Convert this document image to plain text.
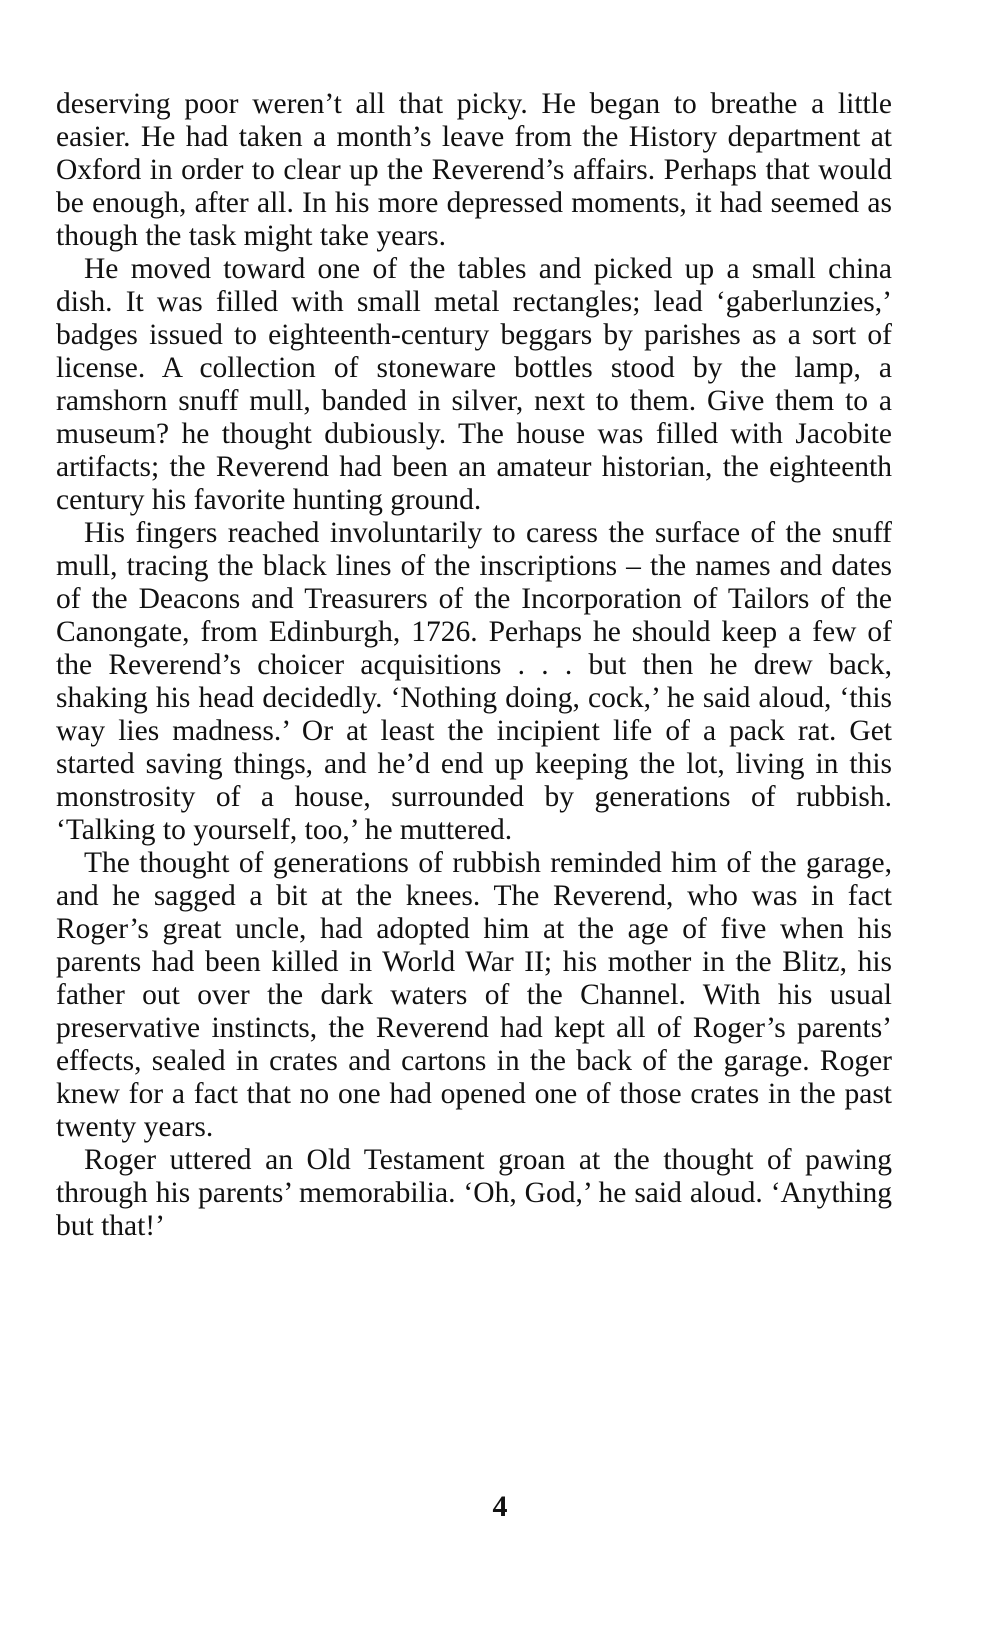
deserving poor weren’t all that picky. He began to breathe a little easier. He had taken a month’s leave from the History department at Oxford in order to clear up the Reverend’s affairs. Perhaps that would be enough, after all. In his more depressed moments, it had seemed as though the task might take years.

He moved toward one of the tables and picked up a small china dish. It was filled with small metal rectangles; lead ‘gaberlunzies,’ badges issued to eighteenth-century beggars by parishes as a sort of license. A collection of stoneware bottles stood by the lamp, a ramshorn snuff mull, banded in silver, next to them. Give them to a museum? he thought dubiously. The house was filled with Jacobite artifacts; the Reverend had been an amateur historian, the eighteenth century his favorite hunting ground.

His fingers reached involuntarily to caress the surface of the snuff mull, tracing the black lines of the inscriptions – the names and dates of the Deacons and Treasurers of the Incorporation of Tailors of the Canongate, from Edinburgh, 1726. Perhaps he should keep a few of the Reverend’s choicer acquisitions . . . but then he drew back, shaking his head decidedly. ‘Nothing doing, cock,’ he said aloud, ‘this way lies madness.’ Or at least the incipient life of a pack rat. Get started saving things, and he’d end up keeping the lot, living in this monstrosity of a house, surrounded by generations of rubbish. ‘Talking to yourself, too,’ he muttered.

The thought of generations of rubbish reminded him of the garage, and he sagged a bit at the knees. The Reverend, who was in fact Roger’s great uncle, had adopted him at the age of five when his parents had been killed in World War II; his mother in the Blitz, his father out over the dark waters of the Channel. With his usual preservative instincts, the Reverend had kept all of Roger’s parents’ effects, sealed in crates and cartons in the back of the garage. Roger knew for a fact that no one had opened one of those crates in the past twenty years.

Roger uttered an Old Testament groan at the thought of pawing through his parents’ memorabilia. ‘Oh, God,’ he said aloud. ‘Anything but that!’

4
